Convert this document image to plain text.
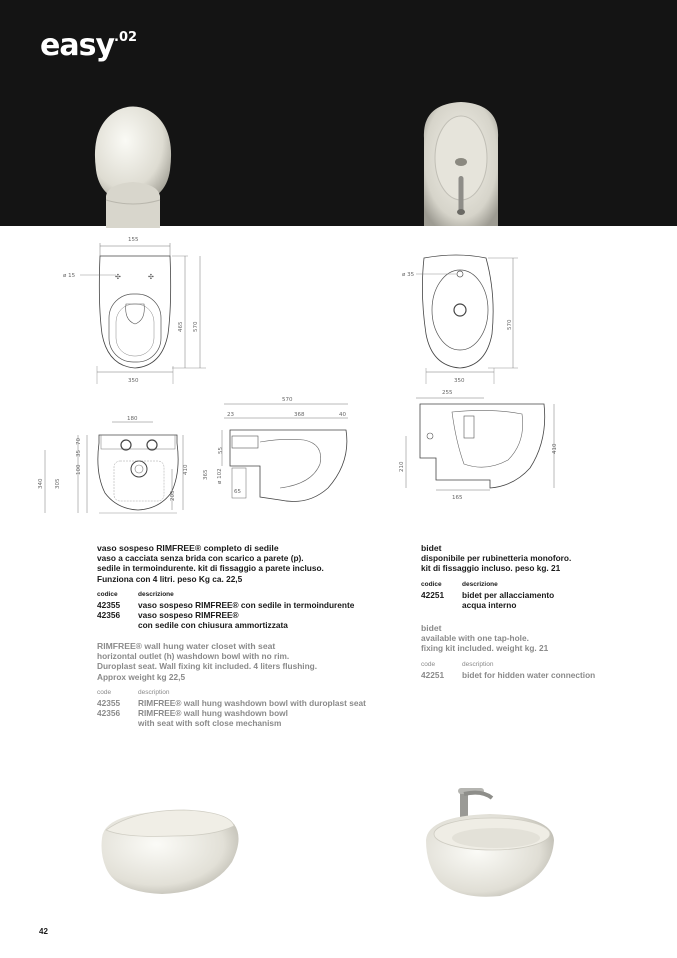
easy$^{.02}$
155
✣	✣
ø 15
465 570
350
180
70
35
100
305
340
205
410
570
23	368	40
55
365 ø 102
65
ø 35
570
350
255
410
210
165
vaso sospeso RIMFREE® completo di sedile
vaso a cacciata senza brida con scarico a parete (p).
sedile in termoindurente. kit di fissaggio a parete incluso.
Funziona con 4 litri. peso Kg ca. 22,5
codice	descrizione
42355	vaso sospeso RIMFREE® con sedile in termoindurente
42356	vaso sospeso RIMFREE®
con sedile con chiusura ammortizzata
RIMFREE® wall hung water closet with seat
horizontal outlet (h) washdown bowl with no rim.
Duroplast seat. Wall fixing kit included. 4 liters flushing.
Approx weight kg 22,5
code	description
42355	RIMFREE® wall hung washdown bowl with duroplast seat
42356	RIMFREE® wall hung washdown bowl
with seat with soft close mechanism
bidet
disponibile per rubinetteria monoforo.
kit di fissaggio incluso. peso kg. 21
codice	descrizione
42251	bidet per allacciamento
acqua interno
bidet
available with one tap-hole.
fixing kit included. weight kg. 21
code	description
42251	bidet for hidden water connection
42
